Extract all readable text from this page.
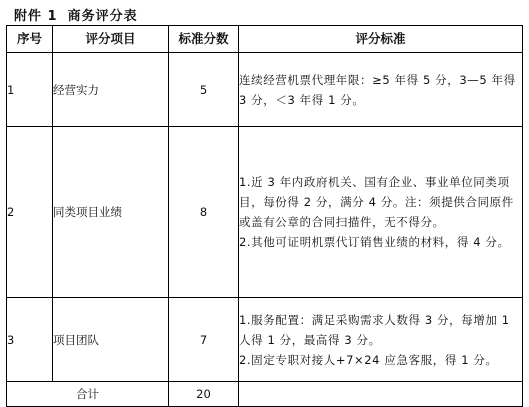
附件 1 商务评分表
序号	评分项目	标准分数	评分标准
1	经营实力	5	连续经营机票代理年限：≥5 年得 5 分，3—5 年得 3 分，＜3 年得 1 分。

2	同类项目业绩	8	1.近 3 年内政府机关、国有企业、事业单位同类项目，每份得 2 分，满分 4 分。注：须提供合同原件或盖有公章的合同扫描件，无不得分。

2.其他可证明机票代订销售业绩的材料，得 4 分。

3	项目团队	7	1.服务配置：满足采购需求人数得 3 分，每增加 1 人得 1 分，最高得 3 分。

2.固定专职对接人+7×24 应急客服，得 1 分。

合计		20	
